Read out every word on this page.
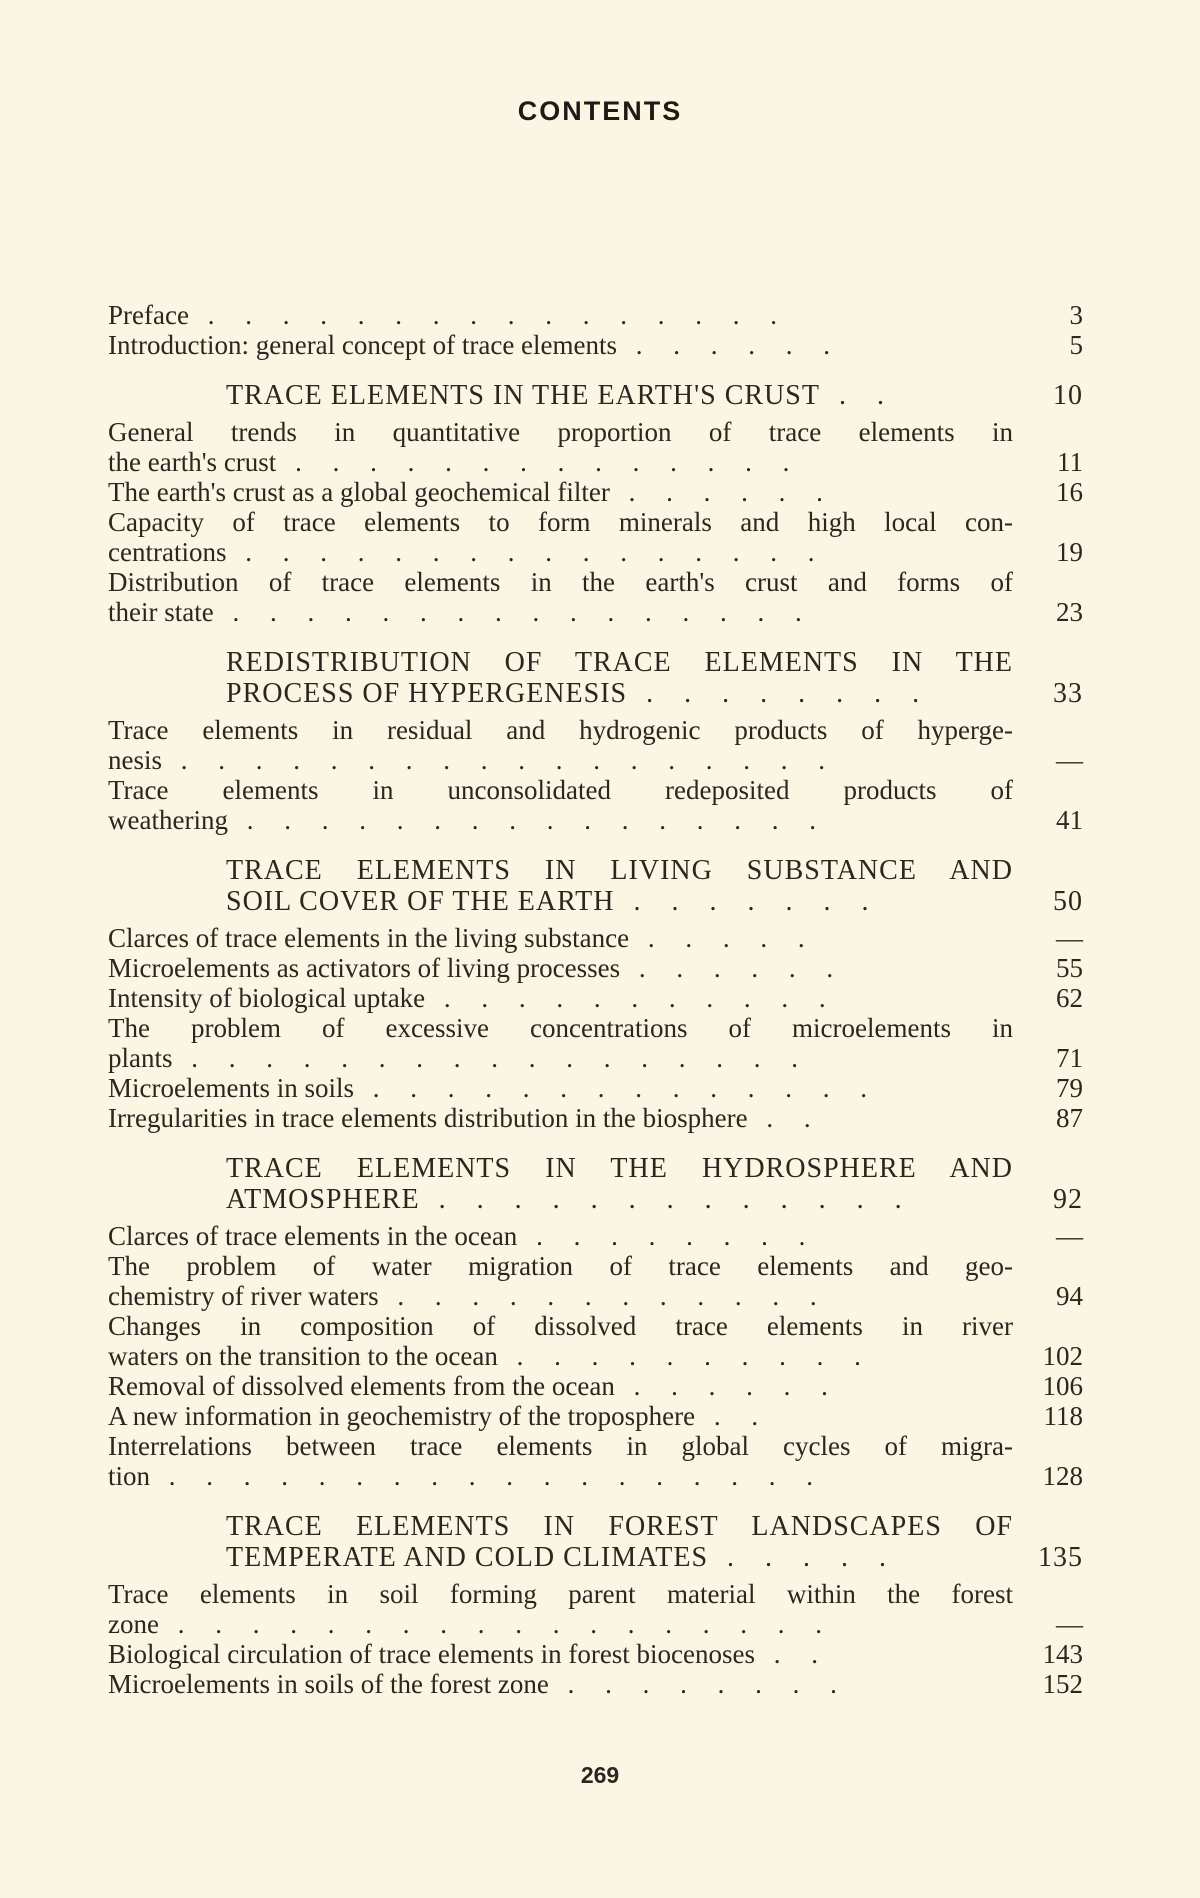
CONTENTS
Preface . . . . . . . . . . . . . . . .	3
Introduction: general concept of trace elements . . . . . .	5
TRACE ELEMENTS IN THE EARTH'S CRUST . .	10
General trends in quantitative proportion of trace elements in
the earth's crust . . . . . . . . . . . . . .	11
The earth's crust as a global geochemical filter . . . . . .	16
Capacity of trace elements to form minerals and high local con-
centrations . . . . . . . . . . . . . . . .	19
Distribution of trace elements in the earth's crust and forms of
their state . . . . . . . . . . . . . . . .	23
REDISTRIBUTION OF TRACE ELEMENTS IN THE
PROCESS OF HYPERGENESIS . . . . . . . .	33
Trace elements in residual and hydrogenic products of hyperge-
nesis . . . . . . . . . . . . . . . . . .	—
Trace elements in unconsolidated redeposited products of
weathering . . . . . . . . . . . . . . . .	41
TRACE ELEMENTS IN LIVING SUBSTANCE AND
SOIL COVER OF THE EARTH . . . . . . .	50
Clarces of trace elements in the living substance . . . . .	—
Microelements as activators of living processes . . . . . .	55
Intensity of biological uptake . . . . . . . . . . .	62
The problem of excessive concentrations of microelements in
plants . . . . . . . . . . . . . . . . .	71
Microelements in soils . . . . . . . . . . . . . .	79
Irregularities in trace elements distribution in the biosphere . .	87
TRACE ELEMENTS IN THE HYDROSPHERE AND
ATMOSPHERE . . . . . . . . . . . . .	92
Clarces of trace elements in the ocean . . . . . . . .	—
The problem of water migration of trace elements and geo-
chemistry of river waters . . . . . . . . . . . .	94
Changes in composition of dissolved trace elements in river
waters on the transition to the ocean . . . . . . . . . .	102
Removal of dissolved elements from the ocean . . . . . .	106
A new information in geochemistry of the troposphere . .	118
Interrelations between trace elements in global cycles of migra-
tion . . . . . . . . . . . . . . . . . .	128
TRACE ELEMENTS IN FOREST LANDSCAPES OF
TEMPERATE AND COLD CLIMATES . . . . .	135
Trace elements in soil forming parent material within the forest
zone . . . . . . . . . . . . . . . . . .	—
Biological circulation of trace elements in forest biocenoses . .	143
Microelements in soils of the forest zone . . . . . . . .	152
269
